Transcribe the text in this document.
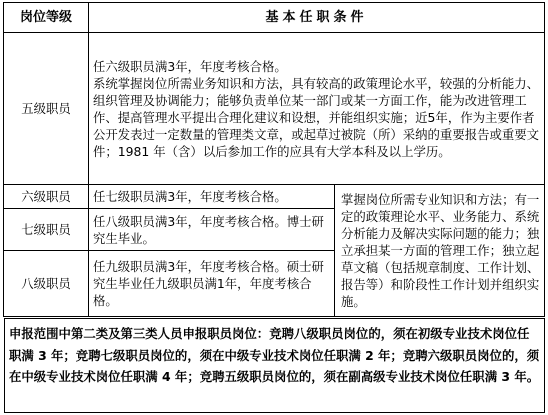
岗位等级	基本任职条件	
五级职员	任六级职员满3年，年度考核合格。

系统掌握岗位所需业务知识和方法，具有较高的政策理论水平，较强的分析能力、组织管理及协调能力；能够负责单位某一部门或某一方面工作，能为改进管理工作、提高管理水平提出合理化建议和设想，并能组织实施；近5年，作为主要作者公开发表过一定数量的管理类文章，或起草过被院（所）采纳的重要报告或重要文件；1981 年（含）以后参加工作的应具有大学本科及以上学历。	

六级职员	任七级职员满3年，年度考核合格。	掌握岗位所需专业知识和方法；有一定的政策理论水平、业务能力、系统分析能力及解决实际问题的能力；独立承担某一方面的管理工作；独立起草文稿（包括规章制度、工作计划、报告等）和阶段性工作计划并组织实施。
七级职员	任八级职员满3年，年度考核合格。博士研究生毕业。	
八级职员	任九级职员满3年，年度考核合格。硕士研究生毕业任九级职员满1年，年度考核合格。	
申报范围中第二类及第三类人员申报职员岗位：竞聘八级职员岗位的，须在初级专业技术岗位任职满 3 年；竞聘七级职员岗位的，须在中级专业技术岗位任职满 2 年；竞聘六级职员岗位的，须在中级专业技术岗位任职满 4 年；竞聘五级职员岗位的，须在副高级专业技术岗位任职满 3 年。
